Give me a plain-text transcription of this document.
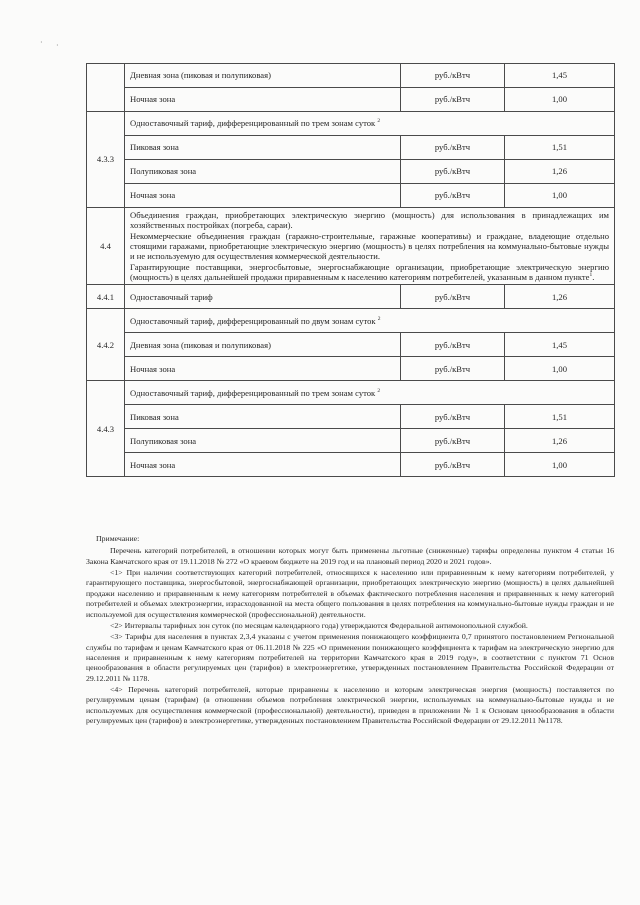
· ·
	Дневная зона (пиковая и полупиковая)	руб./кВтч	1,45
	Ночная зона	руб./кВтч	1,00
4.3.3	Одноставочный тариф, дифференцированный по трем зонам суток $^2$
	Пиковая зона	руб./кВтч	1,51
	Полупиковая зона	руб./кВтч	1,26
	Ночная зона	руб./кВтч	1,00
4.4	Объединения граждан, приобретающих электрическую энергию (мощность) для использования в принадлежащих им хозяйственных постройках (погреба, сараи).

Некоммерческие объединения граждан (гаражно-строительные, гаражные кооперативы) и граждане, владеющие отдельно стоящими гаражами, приобретающие электрическую энергию (мощность) в целях потребления на коммунально-бытовые нужды и не используемую для осуществления коммерческой деятельности.

Гарантирующие поставщики, энергосбытовые, энергоснабжающие организации, приобретающие электрическую энергию (мощность) в целях дальнейшей продажи приравненным к населению категориям потребителей, указанным в данном пункте$^1$.		

4.4.1	Одноставочный тариф	руб./кВтч	1,26
4.4.2	Одноставочный тариф, дифференцированный по двум зонам суток $^2$
	Дневная зона (пиковая и полупиковая)	руб./кВтч	1,45
	Ночная зона	руб./кВтч	1,00
4.4.3	Одноставочный тариф, дифференцированный по трем зонам суток $^2$
	Пиковая зона	руб./кВтч	1,51
	Полупиковая зона	руб./кВтч	1,26
	Ночная зона	руб./кВтч	1,00

Примечание:

Перечень категорий потребителей, в отношении которых могут быть применены льготные (сниженные) тарифы определены пунктом 4 статьи 16 Закона Камчатского края от 19.11.2018 № 272 «О краевом бюджете на 2019 год и на плановый период 2020 и 2021 годов».

<1> При наличии соответствующих категорий потребителей, относящихся к населению или приравненным к нему категориям потребителей, у гарантирующего поставщика, энергосбытовой, энергоснабжающей организации, приобретающих электрическую энергию (мощность) в целях дальнейшей продажи населению и приравненным к нему категориям потребителей в объемах фактического потребления населения и приравненных к нему категорий потребителей и объемах электроэнергии, израсходованной на места общего пользования в целях потребления на коммунально-бытовые нужды граждан и не используемой для осуществления коммерческой (профессиональной) деятельности.

<2> Интервалы тарифных зон суток (по месяцам календарного года) утверждаются Федеральной антимонопольной службой.

<3> Тарифы для населения в пунктах 2,3,4 указаны с учетом применения понижающего коэффициента 0,7 принятого постановлением Региональной службы по тарифам и ценам Камчатского края от 06.11.2018 № 225 «О применении понижающего коэффициента к тарифам на электрическую энергию для населения и приравненным к нему категориям потребителей на территории Камчатского края в 2019 году», в соответствии с пунктом 71 Основ ценообразования в области регулируемых цен (тарифов) в электроэнергетике, утвержденных постановлением Правительства Российской Федерации от 29.12.2011 № 1178.

<4> Перечень категорий потребителей, которые приравнены к населению и которым электрическая энергия (мощность) поставляется по регулируемым ценам (тарифам) (в отношении объемов потребления электрической энергии, используемых на коммунально-бытовые нужды и не используемых для осуществления коммерческой (профессиональной) деятельности), приведен в приложении № 1 к Основам ценообразования в области регулируемых цен (тарифов) в электроэнергетике, утвержденных постановлением Правительства Российской Федерации от 29.12.2011 №1178.
